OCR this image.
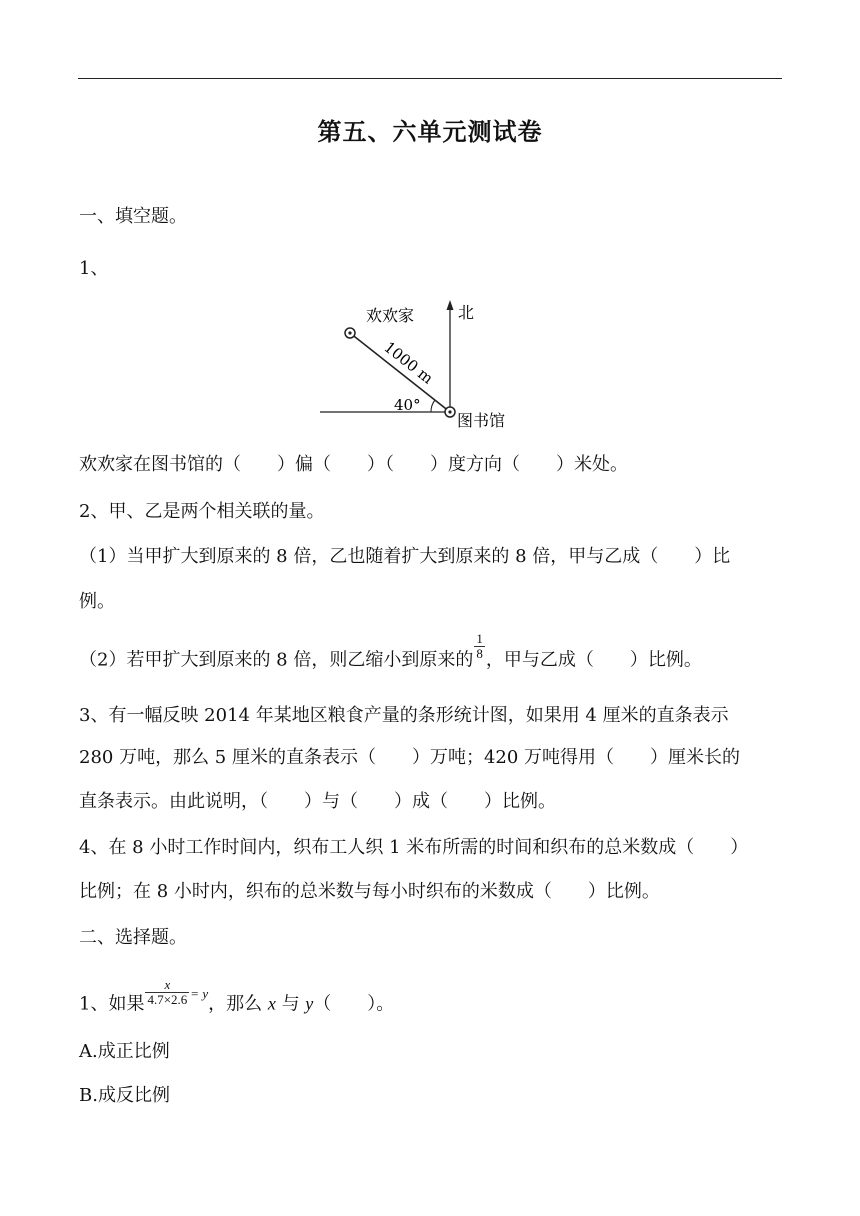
第五、六单元测试卷
一、填空题。
1、
欢欢家	北
1000 m
40°
图书馆
欢欢家在图书馆的（　　）偏（　　）（　　）度方向（　　）米处。
2、甲、乙是两个相关联的量。
（1）当甲扩大到原来的 8 倍，乙也随着扩大到原来的 8 倍，甲与乙成（　　）比
例。
（2）若甲扩大到原来的 8 倍，则乙缩小到原来的 $\frac{1}{8}$ ，甲与乙成（　　）比例。
3、有一幅反映 2014 年某地区粮食产量的条形统计图，如果用 4 厘米的直条表示
280 万吨，那么 5 厘米的直条表示（　　）万吨；420 万吨得用（　　）厘米长的
直条表示。由此说明，（　　）与（　　）成（　　）比例。
4、在 8 小时工作时间内，织布工人织 1 米布所需的时间和织布的总米数成（　　）
比例；在 8 小时内，织布的总米数与每小时织布的米数成（　　）比例。
二、选择题。
1、如果 $\frac{x}{4.7\times 2.6} ^{= y}$，那么 x 与 y（　　）。
A.成正比例
B.成反比例
